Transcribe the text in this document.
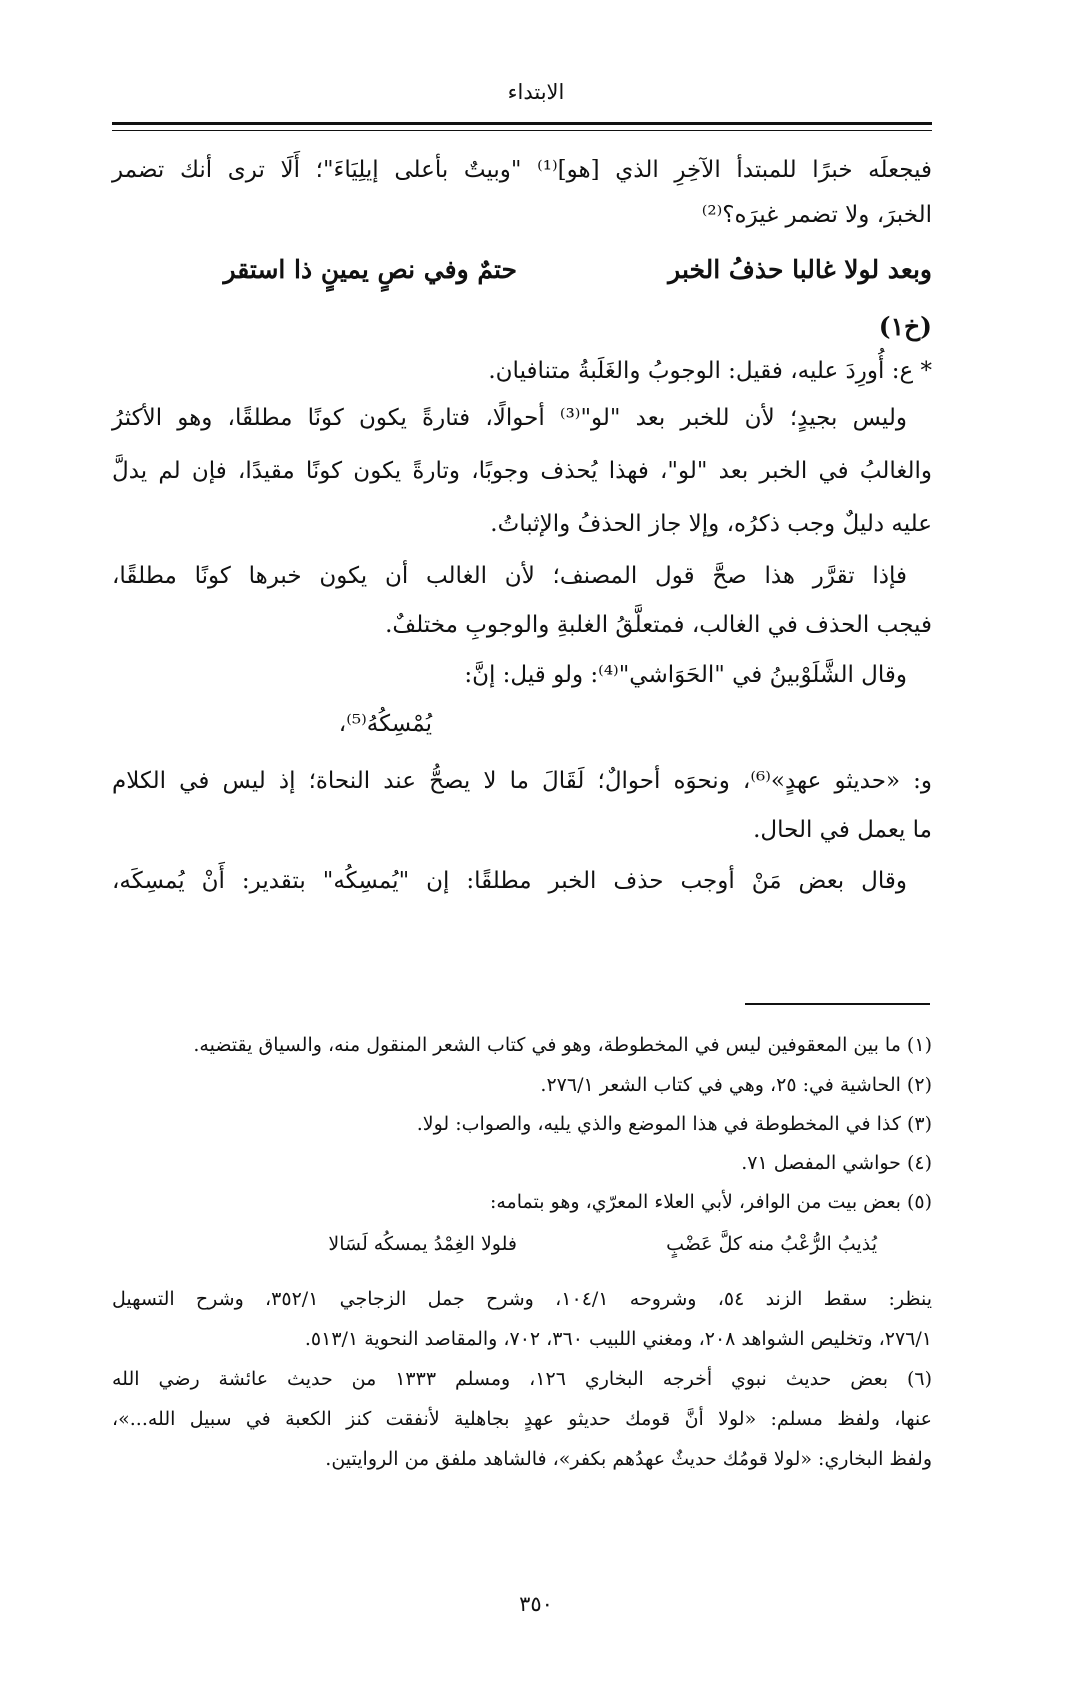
الابتداء
فيجعلَه خبرًا للمبتدأ الآخِرِ الذي [هو]⁽¹⁾ "وبيتٌ بأعلى إيلِيَاءَ"؛ أَلَا ترى أنك تضمر
الخبرَ، ولا تضمر غيرَه؟⁽²⁾
وبعد لولا غالبا حذفُ الخبر
حتمٌ وفي نصٍ يمينٍ ذا استقر
(خ١)
* ع: أُورِدَ عليه، فقيل: الوجوبُ والغَلَبةُ متنافيان.
وليس بجيدٍ؛ لأن للخبر بعد "لو"⁽³⁾ أحوالًا، فتارةً يكون كونًا مطلقًا، وهو الأكثرُ
والغالبُ في الخبر بعد "لو"، فهذا يُحذف وجوبًا، وتارةً يكون كونًا مقيدًا، فإن لم يدلَّ
عليه دليلٌ وجب ذكرُه، وإلا جاز الحذفُ والإثباتُ.
فإذا تقرَّر هذا صحَّ قول المصنف؛ لأن الغالب أن يكون خبرها كونًا مطلقًا،
فيجب الحذف في الغالب، فمتعلَّقُ الغلبةِ والوجوبِ مختلفٌ.
وقال الشَّلَوْبينُ في "الحَوَاشي"⁽⁴⁾: ولو قيل: إنَّ:
يُمْسِكُهُ⁽⁵⁾،
و: «حديثو عهدٍ»⁽⁶⁾، ونحوَه أحوالٌ؛ لَقَالَ ما لا يصحُّ عند النحاة؛ إذ ليس في الكلام
ما يعمل في الحال.
وقال بعض مَنْ أوجب حذف الخبر مطلقًا: إن "يُمسِكُه" بتقدير: أَنْ يُمسِكَه،
(١) ما بين المعقوفين ليس في المخطوطة، وهو في كتاب الشعر المنقول منه، والسياق يقتضيه.
(٢) الحاشية في: ٢٥، وهي في كتاب الشعر ٢٧٦/١.
(٣) كذا في المخطوطة في هذا الموضع والذي يليه، والصواب: لولا.
(٤) حواشي المفصل ٧١.
(٥) بعض بيت من الوافر، لأبي العلاء المعرّي، وهو بتمامه:
يُذيبُ الرُّعْبُ منه كلَّ عَضْبٍ
فلولا الغِمْدُ يمسكُه لَسَالا
ينظر: سقط الزند ٥٤، وشروحه ١٠٤/١، وشرح جمل الزجاجي ٣٥٢/١، وشرح التسهيل
٢٧٦/١، وتخليص الشواهد ٢٠٨، ومغني اللبيب ٣٦٠، ٧٠٢، والمقاصد النحوية ٥١٣/١.
(٦) بعض حديث نبوي أخرجه البخاري ١٢٦، ومسلم ١٣٣٣ من حديث عائشة رضي الله
عنها، ولفظ مسلم: «لولا أنَّ قومك حديثو عهدٍ بجاهلية لأنفقت كنز الكعبة في سبيل الله...»،
ولفظ البخاري: «لولا قومُك حديثٌ عهدُهم بكفر»، فالشاهد ملفق من الروايتين.
٣٥٠
